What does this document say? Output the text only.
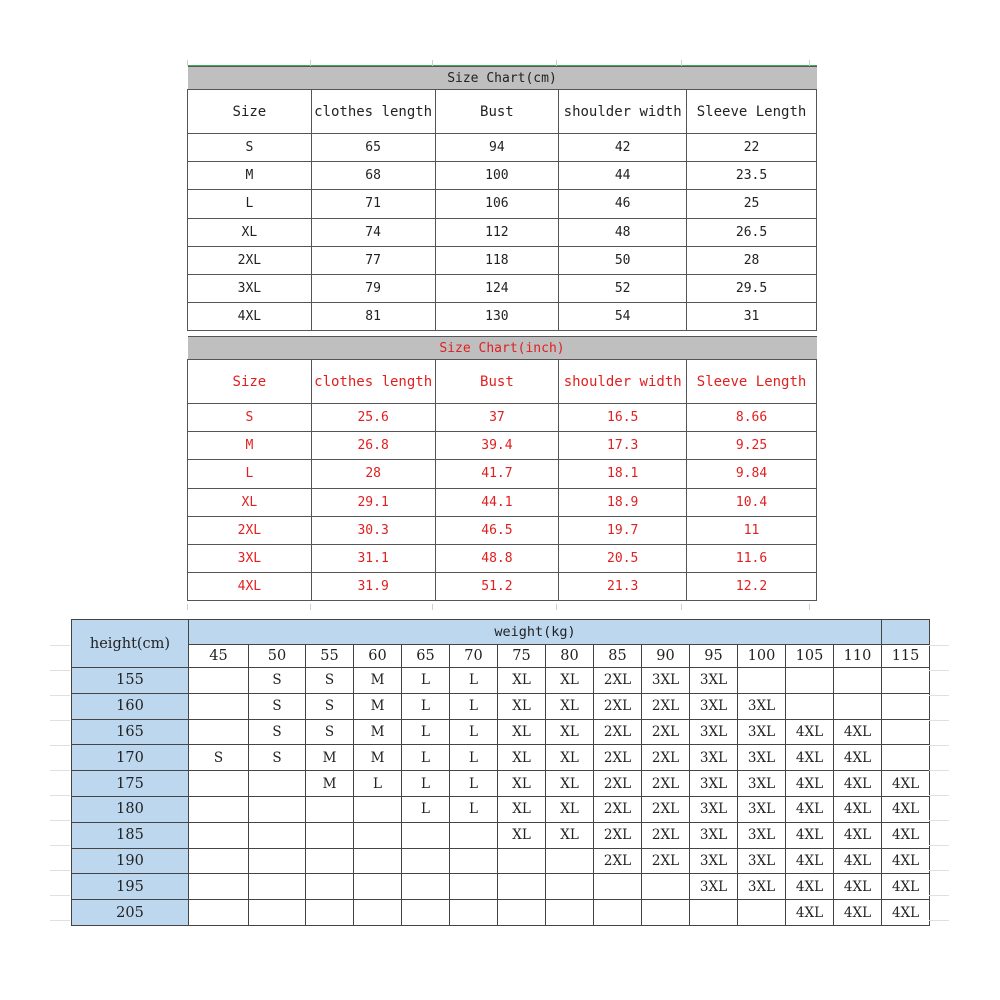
Size Chart(cm)				
Size	clothes length	Bust	shoulder width	Sleeve Length
S	65	94	42	22
M	68	100	44	23.5
L	71	106	46	25
XL	74	112	48	26.5
2XL	77	118	50	28
3XL	79	124	52	29.5
4XL	81	130	54	31
Size Chart(inch)				
Size	clothes length	Bust	shoulder width	Sleeve Length
S	25.6	37	16.5	8.66
M	26.8	39.4	17.3	9.25
L	28	41.7	18.1	9.84
XL	29.1	44.1	18.9	10.4
2XL	30.3	46.5	19.7	11
3XL	31.1	48.8	20.5	11.6
4XL	31.9	51.2	21.3	12.2
height(cm)	weight(kg)														
	45	50	55	60	65	70	75	80	85	90	95	100	105	110	115
155		S	S	M	L	L	XL	XL	2XL	3XL	3XL				
160		S	S	M	L	L	XL	XL	2XL	2XL	3XL	3XL			
165		S	S	M	L	L	XL	XL	2XL	2XL	3XL	3XL	4XL	4XL	
170	S	S	M	M	L	L	XL	XL	2XL	2XL	3XL	3XL	4XL	4XL	
175			M	L	L	L	XL	XL	2XL	2XL	3XL	3XL	4XL	4XL	4XL
180					L	L	XL	XL	2XL	2XL	3XL	3XL	4XL	4XL	4XL
185							XL	XL	2XL	2XL	3XL	3XL	4XL	4XL	4XL
190									2XL	2XL	3XL	3XL	4XL	4XL	4XL
195											3XL	3XL	4XL	4XL	4XL
205													4XL	4XL	4XL
